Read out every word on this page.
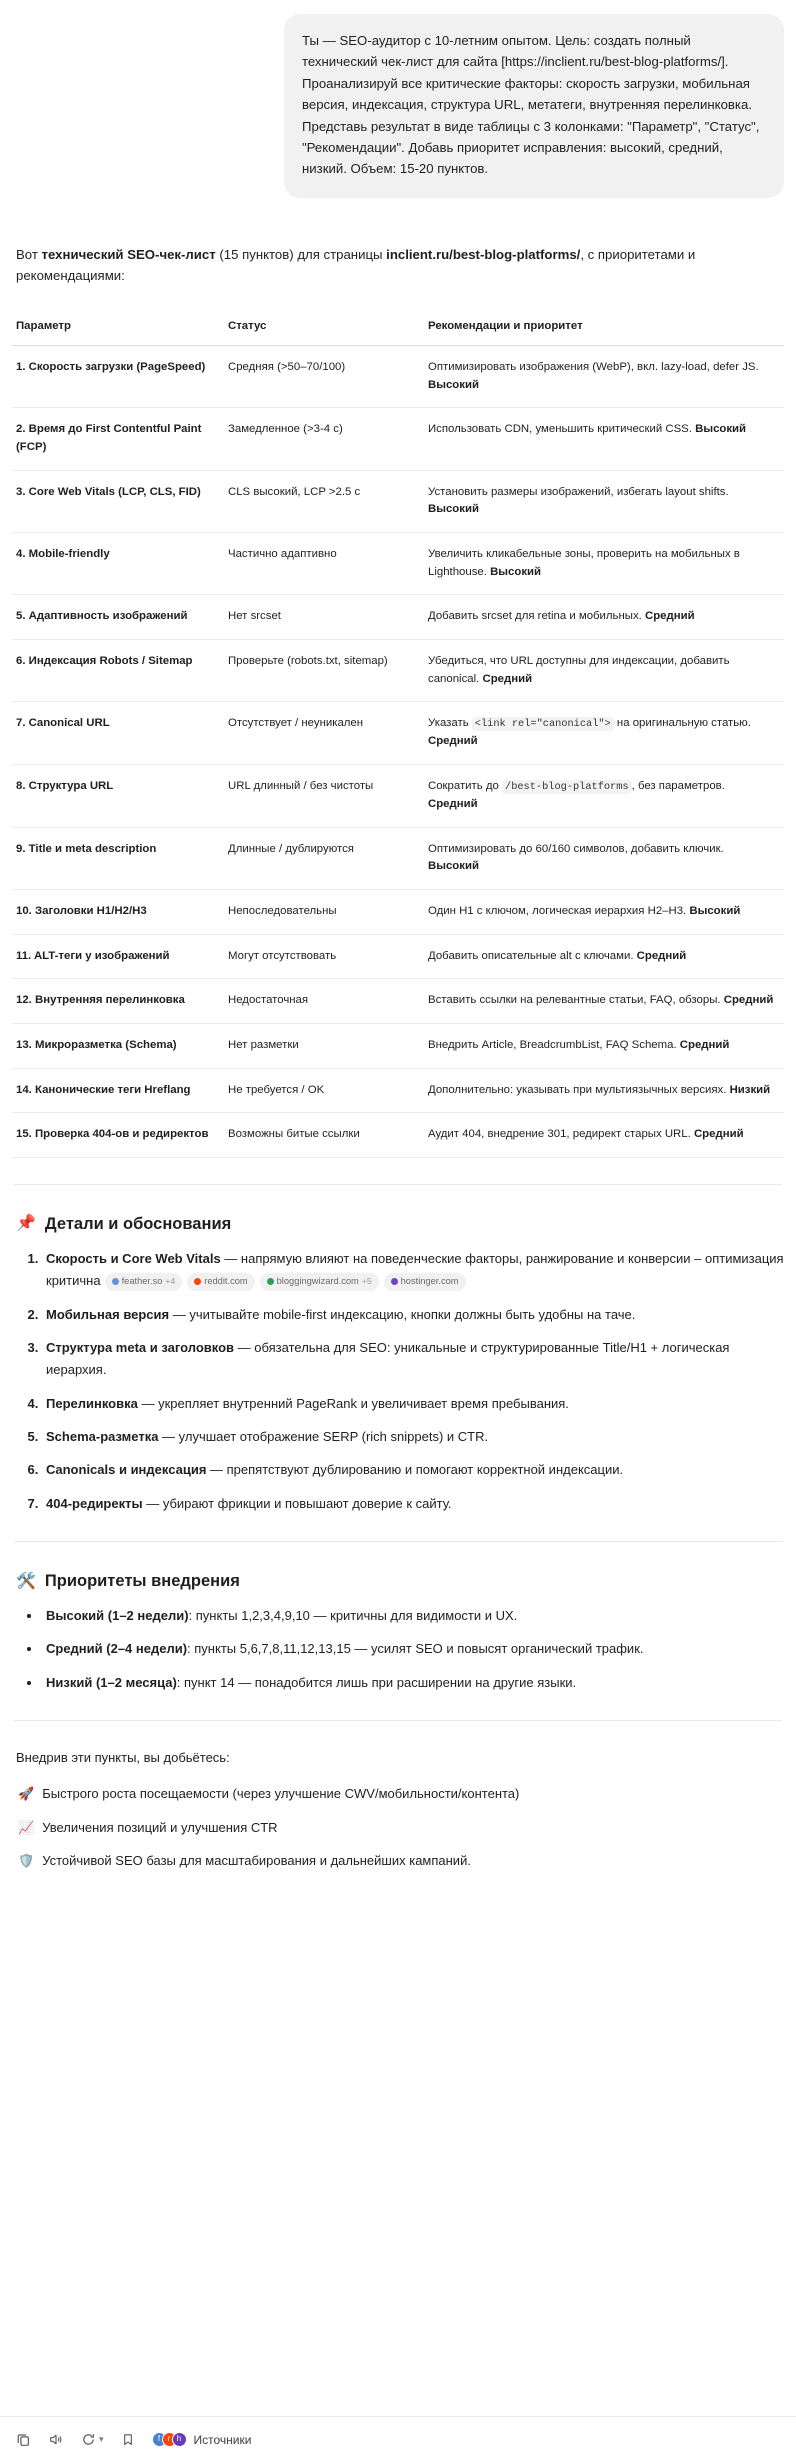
Ты — SEO-аудитор с 10-летним опытом. Цель: создать полный технический чек-лист для сайта [https://inclient.ru/best-blog-platforms/]. Проанализируй все критические факторы: скорость загрузки, мобильная версия, индексация, структура URL, метатеги, внутренняя перелинковка. Представь результат в виде таблицы с 3 колонками: "Параметр", "Статус", "Рекомендации". Добавь приоритет исправления: высокий, средний, низкий. Объем: 15-20 пунктов.
Вот технический SEO-чек-лист (15 пунктов) для страницы inclient.ru/best-blog-platforms/, с приоритетами и рекомендациями:
Параметр	Статус	Рекомендации и приоритет
1. Скорость загрузки (PageSpeed)	Средняя (>50–70/100)	Оптимизировать изображения (WebP), вкл. lazy-load, defer JS. Высокий
2. Время до First Contentful Paint (FCP)	Замедленное (>3-4 с)	Использовать CDN, уменьшить критический CSS. Высокий
3. Core Web Vitals (LCP, CLS, FID)	CLS высокий, LCP >2.5 с	Установить размеры изображений, избегать layout shifts. Высокий
4. Mobile-friendly	Частично адаптивно	Увеличить кликабельные зоны, проверить на мобильных в Lighthouse. Высокий
5. Адаптивность изображений	Нет srcset	Добавить srcset для retina и мобильных. Средний
6. Индексация Robots / Sitemap	Проверьте (robots.txt, sitemap)	Убедиться, что URL доступны для индексации, добавить canonical. Средний
7. Canonical URL	Отсутствует / неуникален	Указать <link rel="canonical"> на оригинальную статью. Средний
8. Структура URL	URL длинный / без чистоты	Сократить до /best-blog-platforms , без параметров. Средний
9. Title и meta description	Длинные / дублируются	Оптимизировать до 60/160 символов, добавить ключик. Высокий
10. Заголовки H1/H2/H3	Непоследовательны	Один H1 с ключом, логическая иерархия H2–H3. Высокий
11. ALT-теги у изображений	Могут отсутствовать	Добавить описательные alt с ключами. Средний
12. Внутренняя перелинковка	Недостаточная	Вставить ссылки на релевантные статьи, FAQ, обзоры. Средний
13. Микроразметка (Schema)	Нет разметки	Внедрить Article, BreadcrumbList, FAQ Schema. Средний
14. Канонические теги Hreflang	Не требуется / OK	Дополнительно: указывать при мультиязычных версиях. Низкий
15. Проверка 404-ов и редиректов	Возможны битые ссылки	Аудит 404, внедрение 301, редирект старых URL. Средний
📌 Детали и обоснования
1. Скорость и Core Web Vitals — напрямую влияют на поведенческие факторы, ранжирование и конверсии – оптимизация критична feather.so +4	reddit.com	bloggingwizard.com +5	hostinger.com
2. Мобильная версия — учитывайте mobile-first индексацию, кнопки должны быть удобны на таче.
3. Структура meta и заголовков — обязательна для SEO: уникальные и структурированные Title/H1 + логическая иерархия.
4. Перелинковка — укрепляет внутренний PageRank и увеличивает время пребывания.
5. Schema-разметка — улучшает отображение SERP (rich snippets) и CTR.
6. Canonicals и индексация — препятствуют дублированию и помогают корректной индексации.
7. 404-редиректы — убирают фрикции и повышают доверие к сайту.
🛠️ Приоритеты внедрения
• Высокий (1–2 недели): пункты 1,2,3,4,9,10 — критичны для видимости и UX.
• Средний (2–4 недели): пункты 5,6,7,8,11,12,13,15 — усилят SEO и повысят органический трафик.
• Низкий (1–2 месяца): пункт 14 — понадобится лишь при расширении на другие языки.
Внедрив эти пункты, вы добьётесь:
🚀 Быстрого роста посещаемости (через улучшение CWV/мобильности/контента)
📈 Увеличения позиций и улучшения CTR
🛡️ Устойчивой SEO базы для масштабирования и дальнейших кампаний.
▾	f r h	Источники
